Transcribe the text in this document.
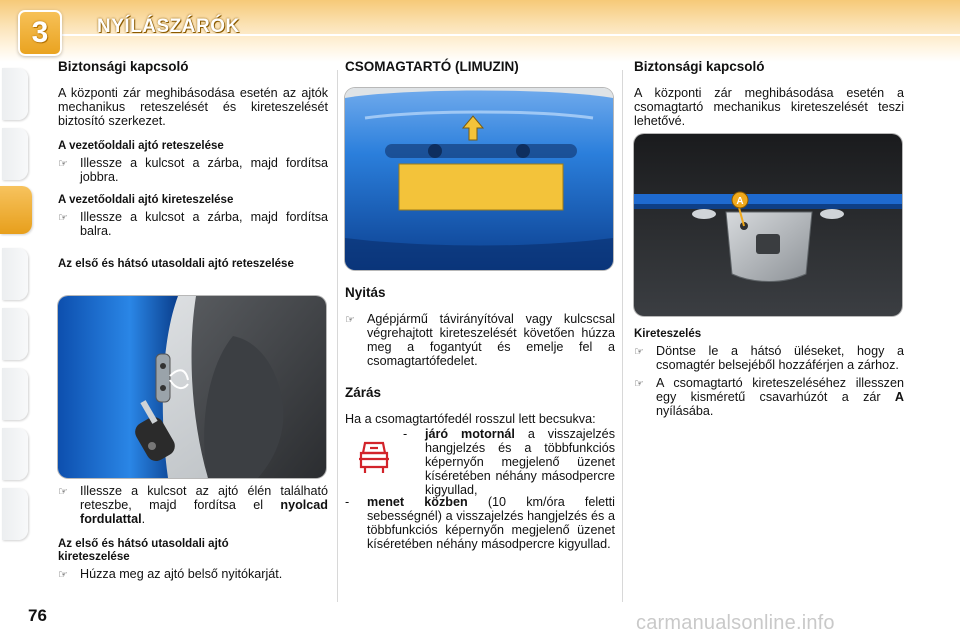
3	NYÍLÁSZÁRÓK

Biztonsági kapcsoló

A központi zár meghibásodása esetén az ajtók mechanikus reteszelését és kireteszelését biztosító szerkezet.

A vezetőoldali ajtó reteszelése

☞ Illessze a kulcsot a zárba, majd fordítsa jobbra.

A vezetőoldali ajtó kireteszelése

☞ Illessze a kulcsot a zárba, majd fordítsa balra.

Az első és hátsó utasoldali ajtó reteszelése

☞ Illessze a kulcsot az ajtó élén található reteszbe, majd fordítsa el nyolcad fordulattal.

Az első és hátsó utasoldali ajtó kireteszelése

☞ Húzza meg az ajtó belső nyitókarját.

CSOMAGTARTÓ (LIMUZIN)

Nyitás

☞ Agépjármű távirányítóval vagy kulcscsal végrehajtott kireteszelését követően húzza meg a fogantyút és emelje fel a csomagtartófedelet.

Zárás

Ha a csomagtartófedél rosszul lett becsukva:

-	járó motornál a visszajelzés hangjelzés és a többfunkciós képernyőn megjelenő üzenet kíséretében néhány másodpercre kigyullad,
-	menet közben (10 km/óra feletti sebességnél) a visszajelzés hangjelzés és a többfunkciós képernyőn megjelenő üzenet kíséretében néhány másodpercre kigyullad.

Biztonsági kapcsoló

A központi zár meghibásodása esetén a csomagtartó mechanikus kireteszelését teszi lehetővé.

A

Kireteszelés

☞ Döntse le a hátsó üléseket, hogy a csomagtér belsejéből hozzáférjen a zárhoz.
☞ A csomagtartó kireteszeléséhez illesszen egy kisméretű csavarhúzót a zár A nyílásába.
76	carmanualsonline.info
